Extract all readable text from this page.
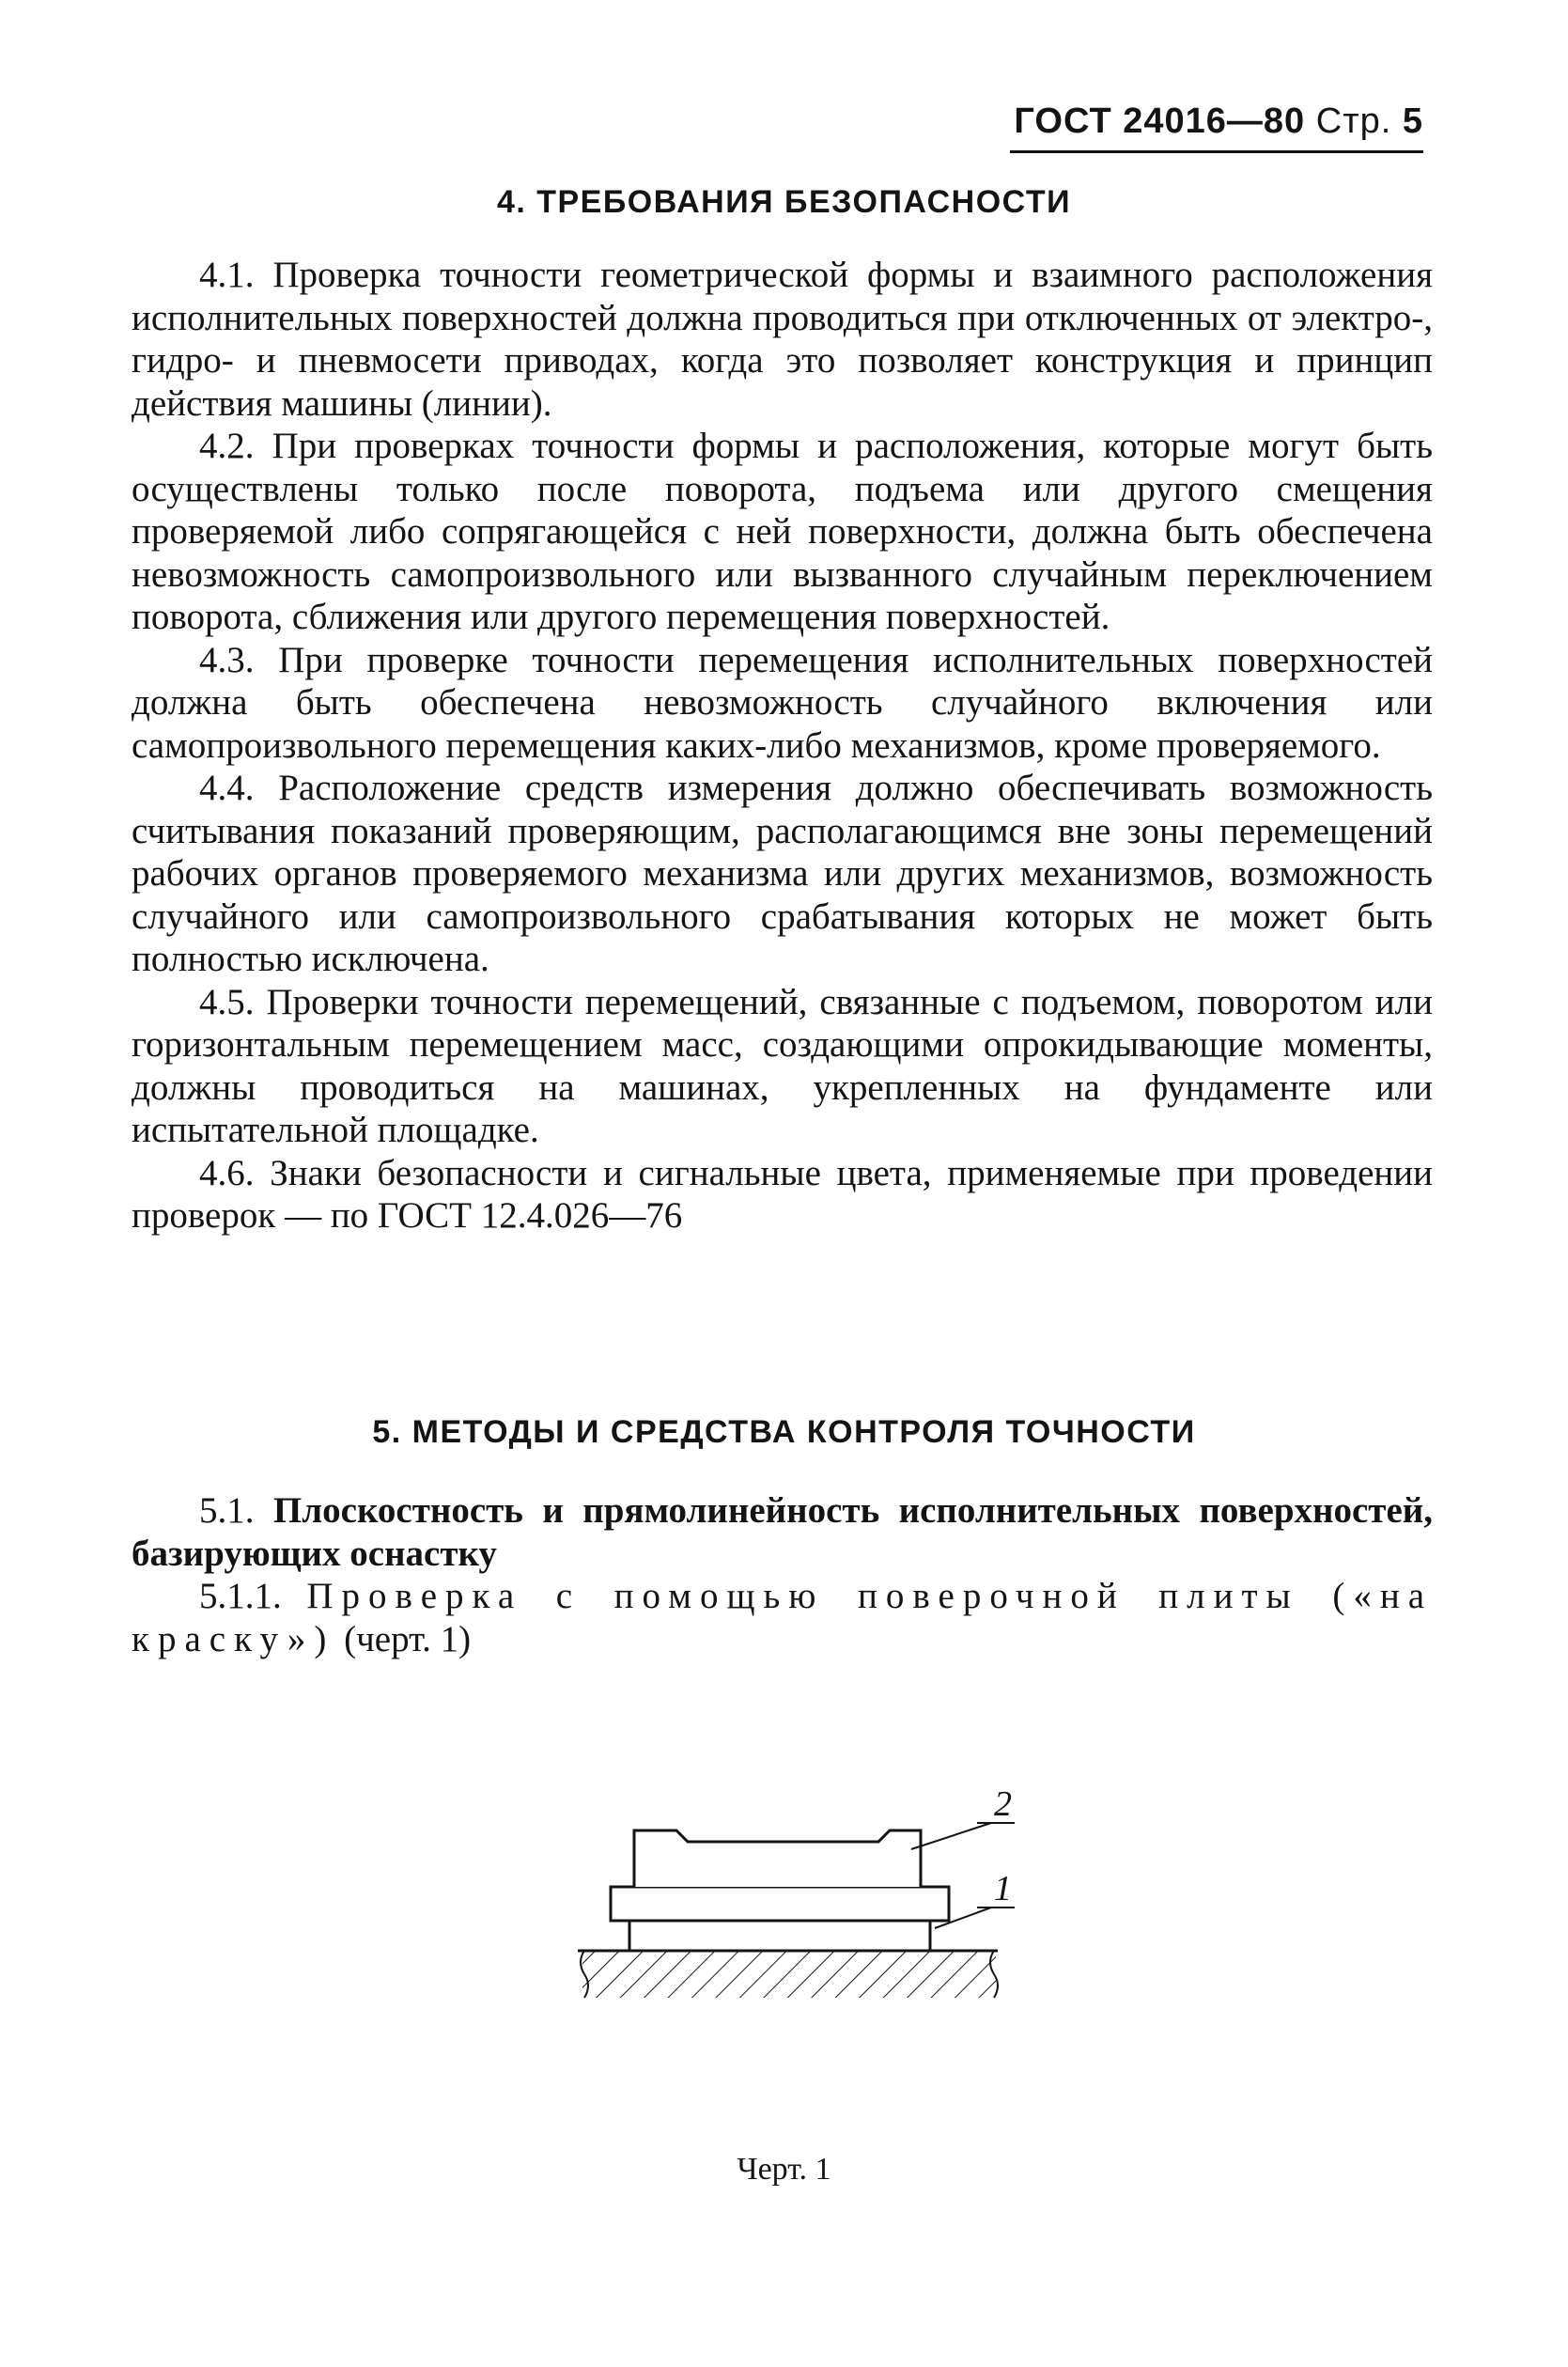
ГОСТ 24016—80 Стр. 5
4. ТРЕБОВАНИЯ БЕЗОПАСНОСТИ

4.1. Проверка точности геометрической формы и взаимного расположения исполнительных поверхностей должна проводиться при отключенных от электро-, гидро- и пневмосети приводах, когда это позволяет конструкция и принцип действия машины (линии).

4.2. При проверках точности формы и расположения, которые могут быть осуществлены только после поворота, подъема или другого смещения проверяемой либо сопрягающейся с ней поверхности, должна быть обеспечена невозможность самопроизвольного или вызванного случайным переключением поворота, сближения или другого перемещения поверхностей.

4.3. При проверке точности перемещения исполнительных поверхностей должна быть обеспечена невозможность случайного включения или самопроизвольного перемещения каких-либо механизмов, кроме проверяемого.

4.4. Расположение средств измерения должно обеспечивать возможность считывания показаний проверяющим, располагающимся вне зоны перемещений рабочих органов проверяемого механизма или других механизмов, возможность случайного или самопроизвольного срабатывания которых не может быть полностью исключена.

4.5. Проверки точности перемещений, связанные с подъемом, поворотом или горизонтальным перемещением масс, создающими опрокидывающие моменты, должны проводиться на машинах, укрепленных на фундаменте или испытательной площадке.

4.6. Знаки безопасности и сигнальные цвета, применяемые при проведении проверок — по ГОСТ 12.4.026—76

5. МЕТОДЫ И СРЕДСТВА КОНТРОЛЯ ТОЧНОСТИ

5.1. Плоскостность и прямолинейность исполнительных поверхностей, базирующих оснастку

5.1.1. Проверка с помощью поверочной плиты («на краску») (черт. 1)

2
1
Черт. 1
